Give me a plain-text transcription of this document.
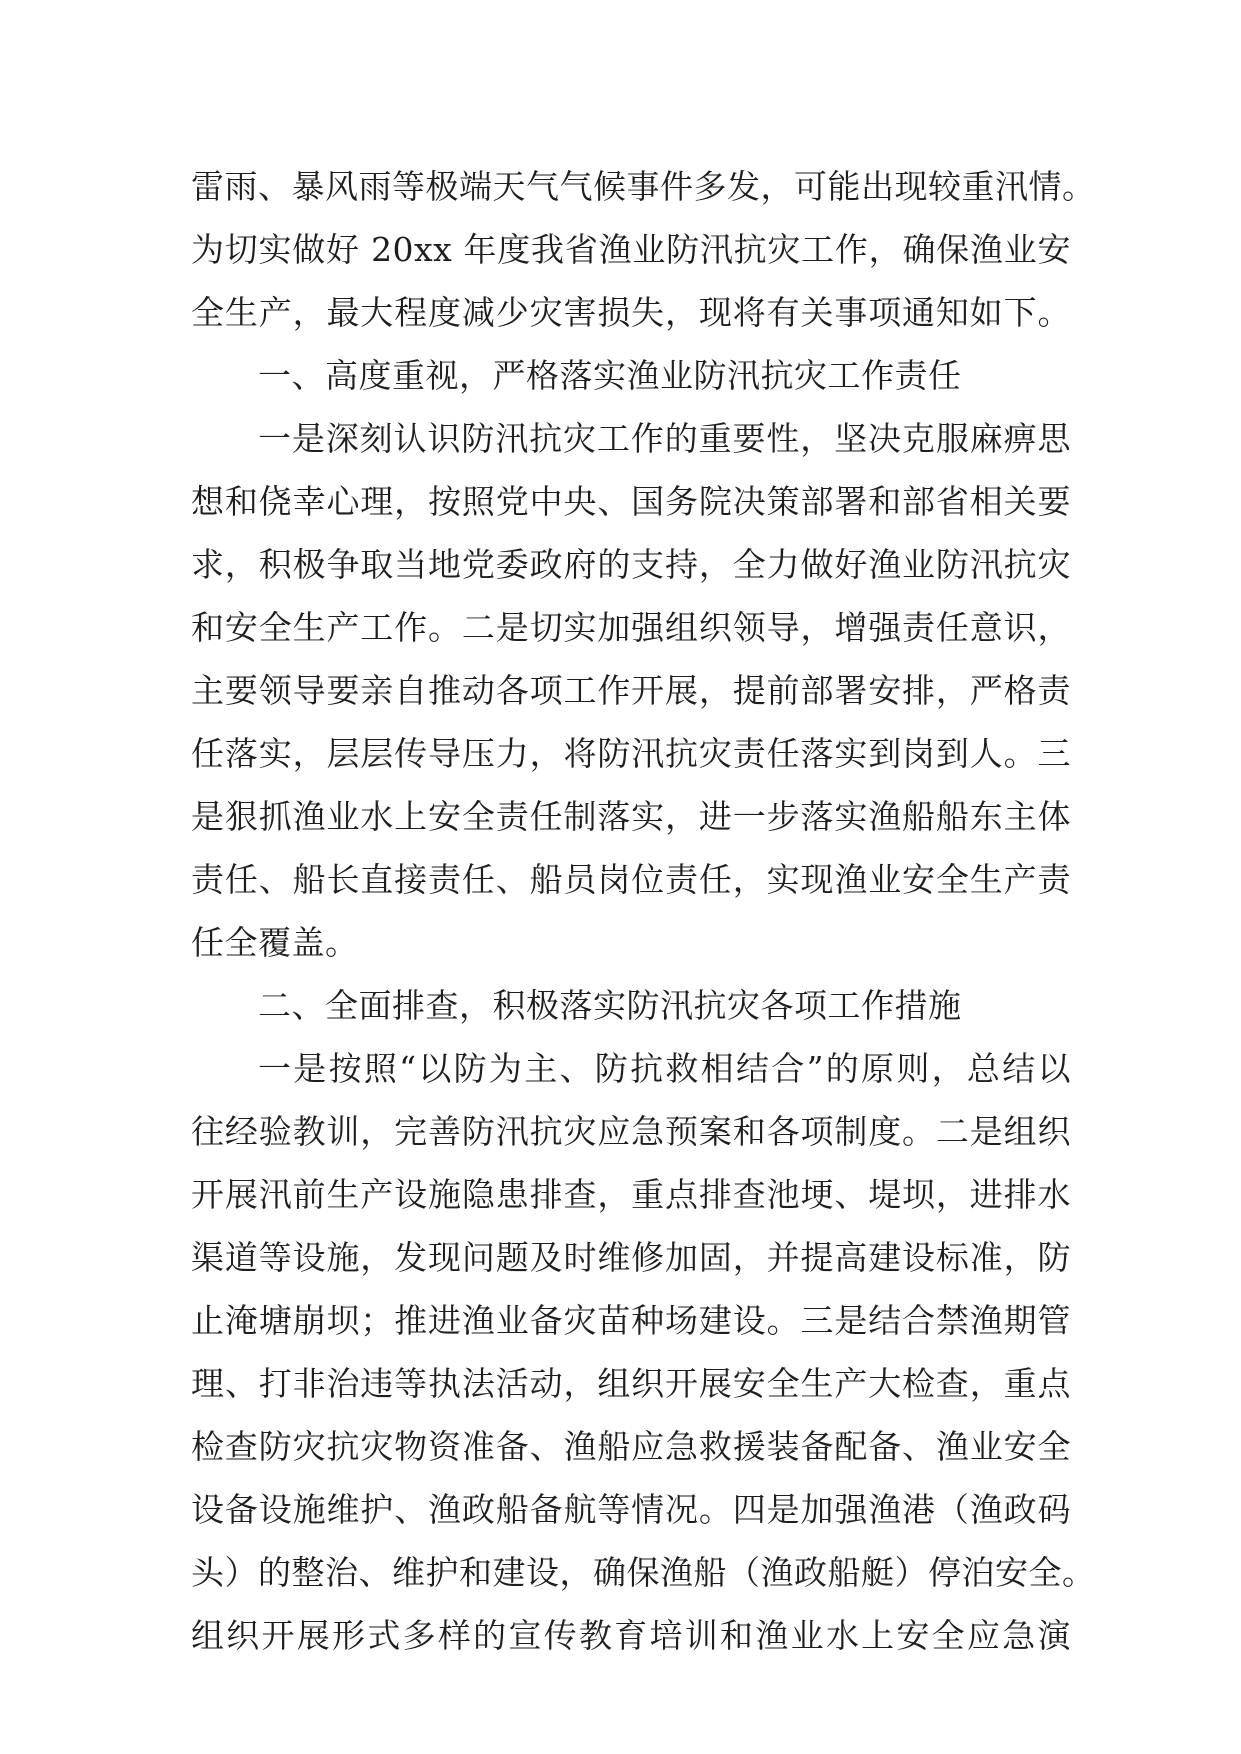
雷雨、暴风雨等极端天气气候事件多发，可能出现较重汛情。
为切实做好 20xx 年度我省渔业防汛抗灾工作，确保渔业安
全生产，最大程度减少灾害损失，现将有关事项通知如下。
一、高度重视，严格落实渔业防汛抗灾工作责任
一是深刻认识防汛抗灾工作的重要性，坚决克服麻痹思
想和侥幸心理，按照党中央、国务院决策部署和部省相关要
求，积极争取当地党委政府的支持，全力做好渔业防汛抗灾
和安全生产工作。二是切实加强组织领导，增强责任意识，
主要领导要亲自推动各项工作开展，提前部署安排，严格责
任落实，层层传导压力，将防汛抗灾责任落实到岗到人。三
是狠抓渔业水上安全责任制落实，进一步落实渔船船东主体
责任、船长直接责任、船员岗位责任，实现渔业安全生产责
任全覆盖。
二、全面排查，积极落实防汛抗灾各项工作措施
一是按照“以防为主、防抗救相结合”的原则，总结以
往经验教训，完善防汛抗灾应急预案和各项制度。二是组织
开展汛前生产设施隐患排查，重点排查池埂、堤坝，进排水
渠道等设施，发现问题及时维修加固，并提高建设标准，防
止淹塘崩坝；推进渔业备灾苗种场建设。三是结合禁渔期管
理、打非治违等执法活动，组织开展安全生产大检查，重点
检查防灾抗灾物资准备、渔船应急救援装备配备、渔业安全
设备设施维护、渔政船备航等情况。四是加强渔港（渔政码
头）的整治、维护和建设，确保渔船（渔政船艇）停泊安全。
组织开展形式多样的宣传教育培训和渔业水上安全应急演
